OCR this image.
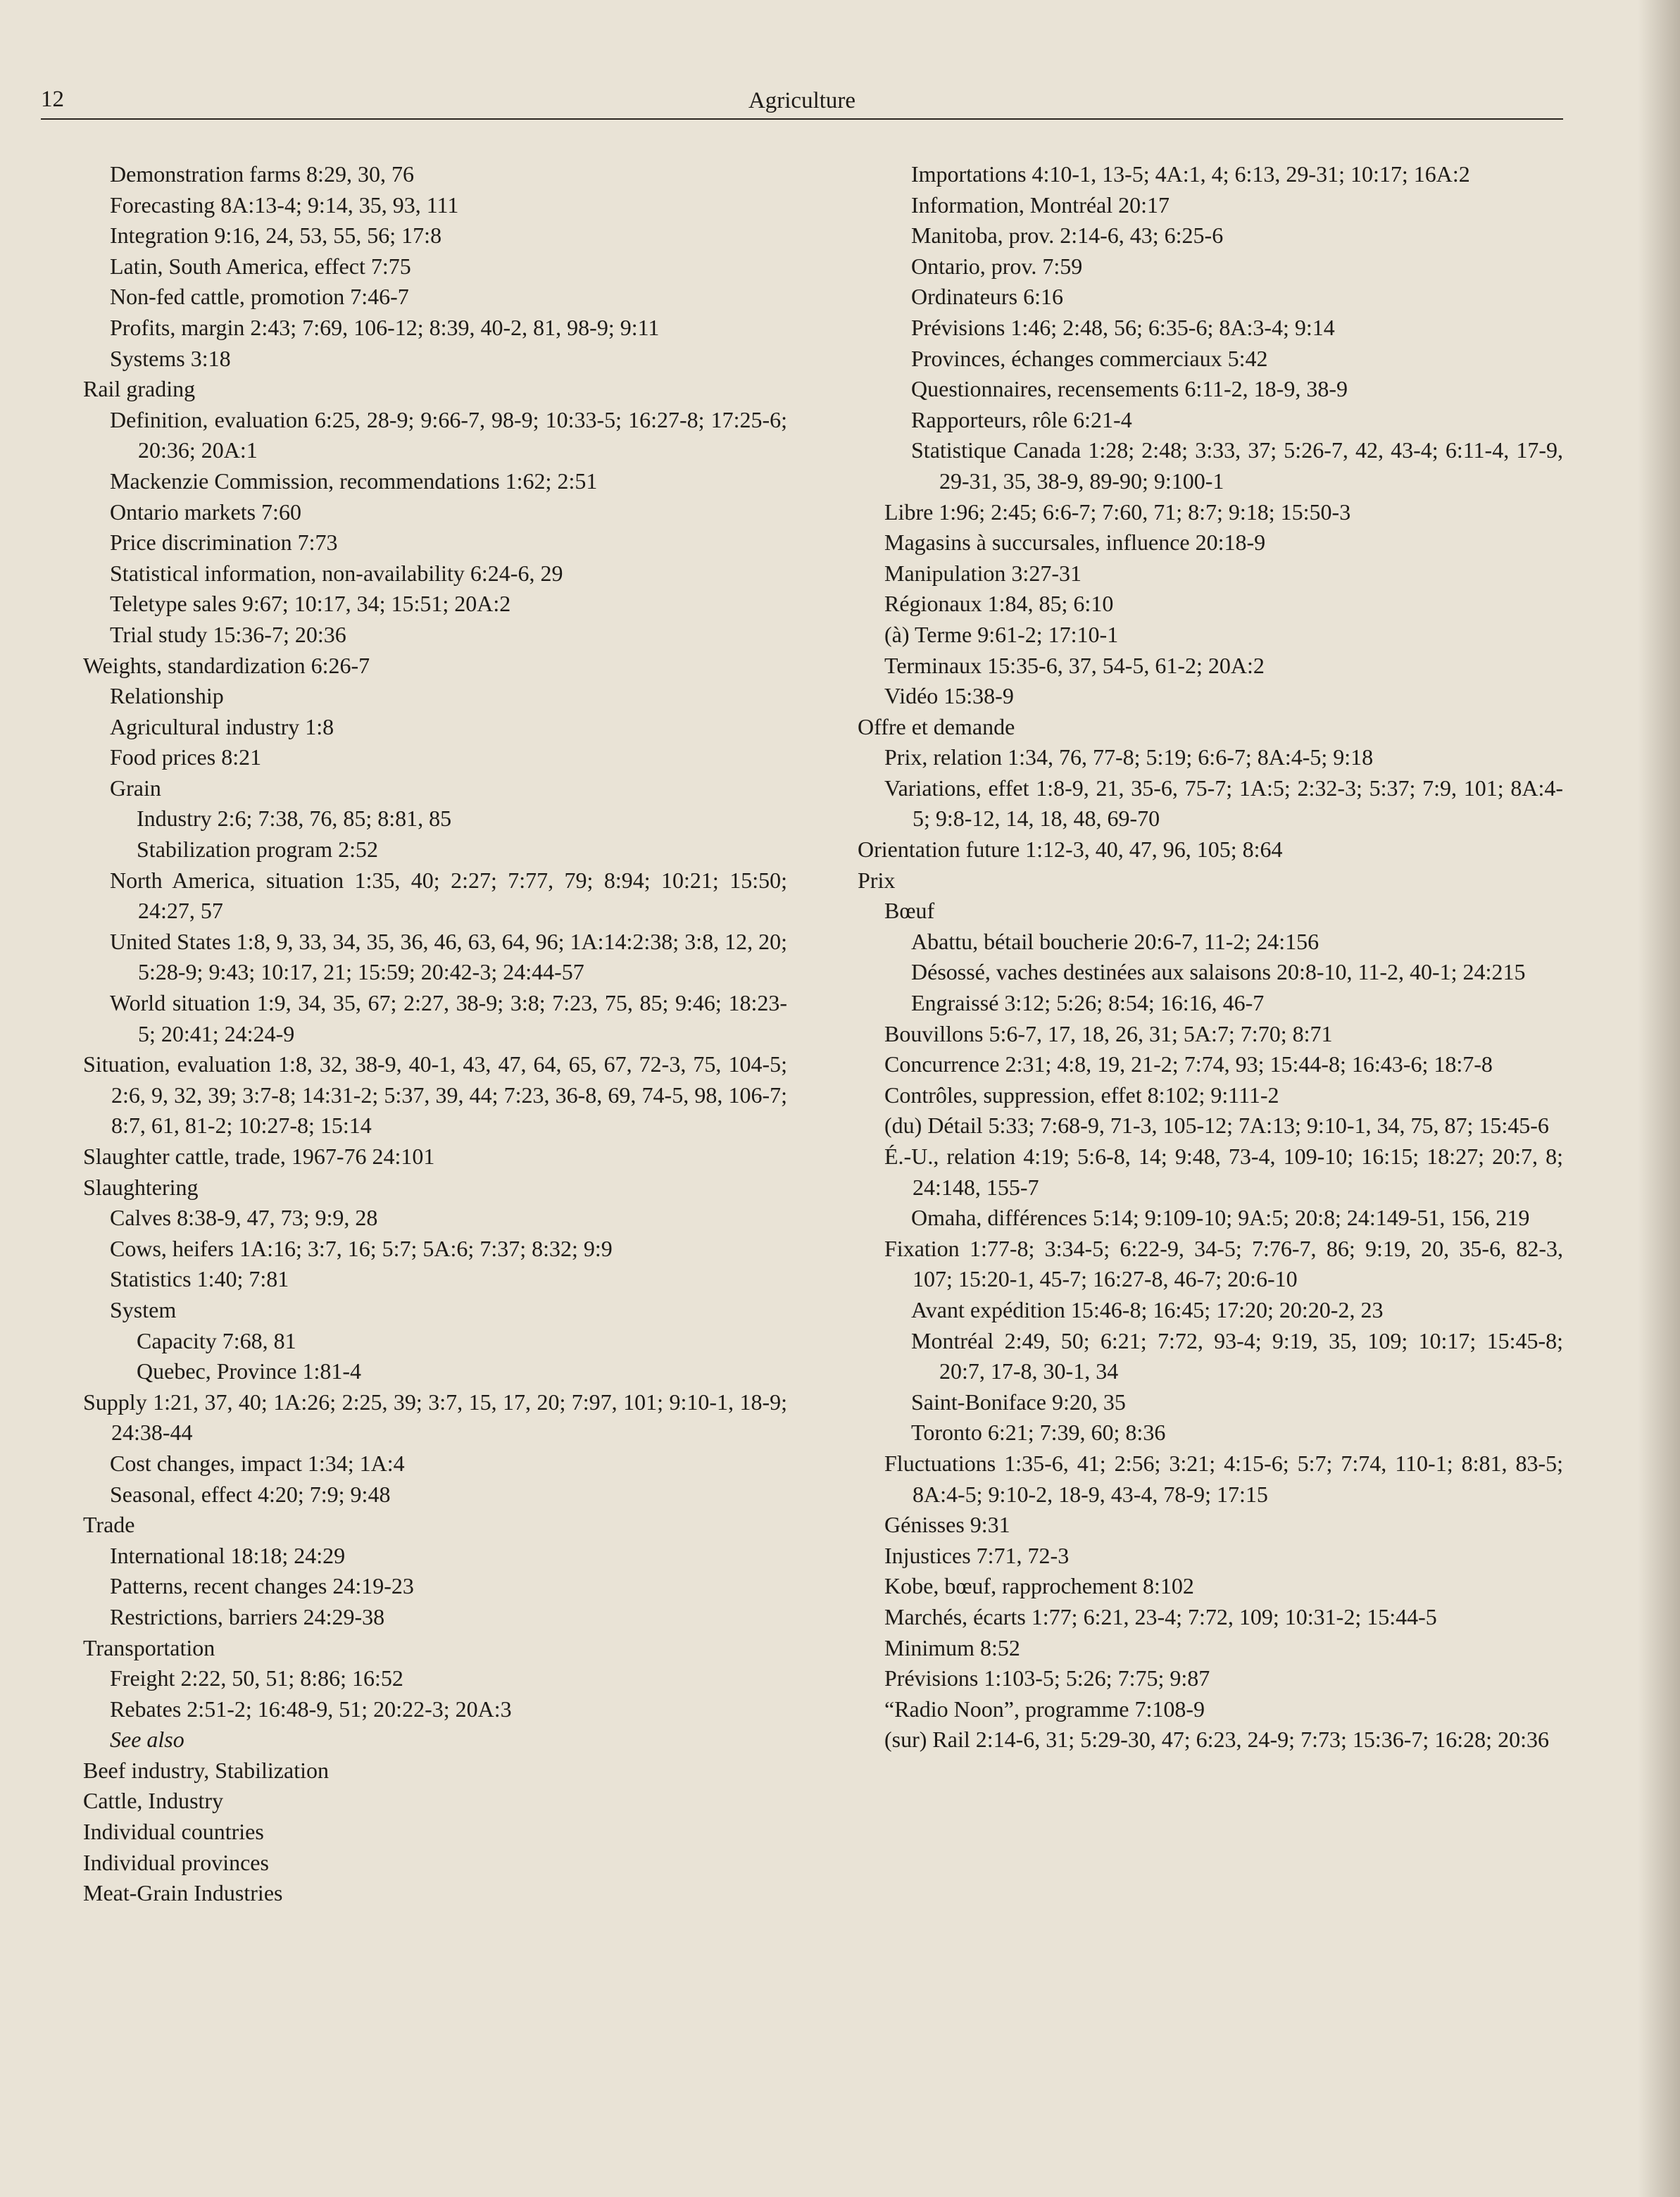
12	Agriculture
Demonstration farms 8:29, 30, 76
Forecasting 8A:13-4; 9:14, 35, 93, 111
Integration 9:16, 24, 53, 55, 56; 17:8
Latin, South America, effect 7:75
Non-fed cattle, promotion 7:46-7
Profits, margin 2:43; 7:69, 106-12; 8:39, 40-2, 81, 98-9; 9:11
Systems 3:18
Rail grading
Definition, evaluation 6:25, 28-9; 9:66-7, 98-9; 10:33-5; 16:27-8; 17:25-6; 20:36; 20A:1
Mackenzie Commission, recommendations 1:62; 2:51
Ontario markets 7:60
Price discrimination 7:73
Statistical information, non-availability 6:24-6, 29
Teletype sales 9:67; 10:17, 34; 15:51; 20A:2
Trial study 15:36-7; 20:36
Weights, standardization 6:26-7
Relationship
Agricultural industry 1:8
Food prices 8:21
Grain
Industry 2:6; 7:38, 76, 85; 8:81, 85
Stabilization program 2:52
North America, situation 1:35, 40; 2:27; 7:77, 79; 8:94; 10:21; 15:50; 24:27, 57
United States 1:8, 9, 33, 34, 35, 36, 46, 63, 64, 96; 1A:14:2:38; 3:8, 12, 20; 5:28-9; 9:43; 10:17, 21; 15:59; 20:42-3; 24:44-57
World situation 1:9, 34, 35, 67; 2:27, 38-9; 3:8; 7:23, 75, 85; 9:46; 18:23-5; 20:41; 24:24-9
Situation, evaluation 1:8, 32, 38-9, 40-1, 43, 47, 64, 65, 67, 72-3, 75, 104-5; 2:6, 9, 32, 39; 3:7-8; 14:31-2; 5:37, 39, 44; 7:23, 36-8, 69, 74-5, 98, 106-7; 8:7, 61, 81-2; 10:27-8; 15:14
Slaughter cattle, trade, 1967-76 24:101
Slaughtering
Calves 8:38-9, 47, 73; 9:9, 28
Cows, heifers 1A:16; 3:7, 16; 5:7; 5A:6; 7:37; 8:32; 9:9
Statistics 1:40; 7:81
System
Capacity 7:68, 81
Quebec, Province 1:81-4
Supply 1:21, 37, 40; 1A:26; 2:25, 39; 3:7, 15, 17, 20; 7:97, 101; 9:10-1, 18-9; 24:38-44
Cost changes, impact 1:34; 1A:4
Seasonal, effect 4:20; 7:9; 9:48
Trade
International 18:18; 24:29
Patterns, recent changes 24:19-23
Restrictions, barriers 24:29-38
Transportation
Freight 2:22, 50, 51; 8:86; 16:52
Rebates 2:51-2; 16:48-9, 51; 20:22-3; 20A:3
See also
Beef industry, Stabilization
Cattle, Industry
Individual countries
Individual provinces
Meat-Grain Industries
Importations 4:10-1, 13-5; 4A:1, 4; 6:13, 29-31; 10:17; 16A:2
Information, Montréal 20:17
Manitoba, prov. 2:14-6, 43; 6:25-6
Ontario, prov. 7:59
Ordinateurs 6:16
Prévisions 1:46; 2:48, 56; 6:35-6; 8A:3-4; 9:14
Provinces, échanges commerciaux 5:42
Questionnaires, recensements 6:11-2, 18-9, 38-9
Rapporteurs, rôle 6:21-4
Statistique Canada 1:28; 2:48; 3:33, 37; 5:26-7, 42, 43-4; 6:11-4, 17-9, 29-31, 35, 38-9, 89-90; 9:100-1
Libre 1:96; 2:45; 6:6-7; 7:60, 71; 8:7; 9:18; 15:50-3
Magasins à succursales, influence 20:18-9
Manipulation 3:27-31
Régionaux 1:84, 85; 6:10
(à) Terme 9:61-2; 17:10-1
Terminaux 15:35-6, 37, 54-5, 61-2; 20A:2
Vidéo 15:38-9
Offre et demande
Prix, relation 1:34, 76, 77-8; 5:19; 6:6-7; 8A:4-5; 9:18
Variations, effet 1:8-9, 21, 35-6, 75-7; 1A:5; 2:32-3; 5:37; 7:9, 101; 8A:4-5; 9:8-12, 14, 18, 48, 69-70
Orientation future 1:12-3, 40, 47, 96, 105; 8:64
Prix
Bœuf
Abattu, bétail boucherie 20:6-7, 11-2; 24:156
Désossé, vaches destinées aux salaisons 20:8-10, 11-2, 40-1; 24:215
Engraissé 3:12; 5:26; 8:54; 16:16, 46-7
Bouvillons 5:6-7, 17, 18, 26, 31; 5A:7; 7:70; 8:71
Concurrence 2:31; 4:8, 19, 21-2; 7:74, 93; 15:44-8; 16:43-6; 18:7-8
Contrôles, suppression, effet 8:102; 9:111-2
(du) Détail 5:33; 7:68-9, 71-3, 105-12; 7A:13; 9:10-1, 34, 75, 87; 15:45-6
É.-U., relation 4:19; 5:6-8, 14; 9:48, 73-4, 109-10; 16:15; 18:27; 20:7, 8; 24:148, 155-7
Omaha, différences 5:14; 9:109-10; 9A:5; 20:8; 24:149-51, 156, 219
Fixation 1:77-8; 3:34-5; 6:22-9, 34-5; 7:76-7, 86; 9:19, 20, 35-6, 82-3, 107; 15:20-1, 45-7; 16:27-8, 46-7; 20:6-10
Avant expédition 15:46-8; 16:45; 17:20; 20:20-2, 23
Montréal 2:49, 50; 6:21; 7:72, 93-4; 9:19, 35, 109; 10:17; 15:45-8; 20:7, 17-8, 30-1, 34
Saint-Boniface 9:20, 35
Toronto 6:21; 7:39, 60; 8:36
Fluctuations 1:35-6, 41; 2:56; 3:21; 4:15-6; 5:7; 7:74, 110-1; 8:81, 83-5; 8A:4-5; 9:10-2, 18-9, 43-4, 78-9; 17:15
Génisses 9:31
Injustices 7:71, 72-3
Kobe, bœuf, rapprochement 8:102
Marchés, écarts 1:77; 6:21, 23-4; 7:72, 109; 10:31-2; 15:44-5
Minimum 8:52
Prévisions 1:103-5; 5:26; 7:75; 9:87
“Radio Noon”, programme 7:108-9
(sur) Rail 2:14-6, 31; 5:29-30, 47; 6:23, 24-9; 7:73; 15:36-7; 16:28; 20:36
